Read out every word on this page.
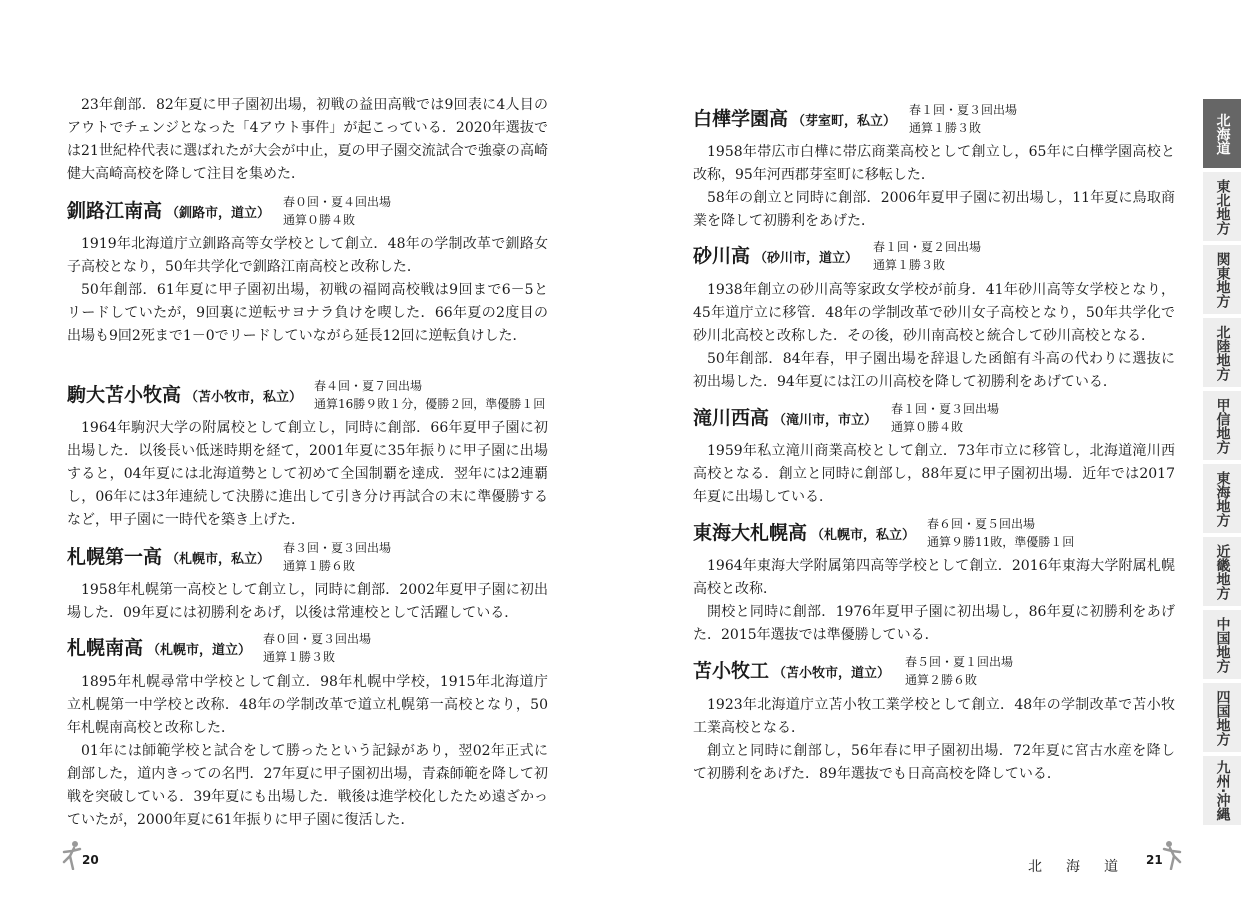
23年創部．82年夏に甲子園初出場，初戦の益田高戦では9回表に4人目のアウトでチェンジとなった「4アウト事件」が起こっている．2020年選抜では21世紀枠代表に選ばれたが大会が中止，夏の甲子園交流試合で強豪の高崎健大高崎高校を降して注目を集めた．

釧路江南高 （釧路市，道立）
春０回・夏４回出場
通算０勝４敗

1919年北海道庁立釧路高等女学校として創立．48年の学制改革で釧路女子高校となり，50年共学化で釧路江南高校と改称した．

50年創部．61年夏に甲子園初出場，初戦の福岡高校戦は9回まで6－5とリードしていたが，9回裏に逆転サヨナラ負けを喫した．66年夏の2度目の出場も9回2死まで1－0でリードしていながら延長12回に逆転負けした．

駒大苫小牧高 （苫小牧市，私立）
春４回・夏７回出場
通算16勝９敗１分，優勝２回，準優勝１回

1964年駒沢大学の附属校として創立し，同時に創部．66年夏甲子園に初出場した．以後長い低迷時期を経て，2001年夏に35年振りに甲子園に出場すると，04年夏には北海道勢として初めて全国制覇を達成．翌年には2連覇し，06年には3年連続して決勝に進出して引き分け再試合の末に準優勝するなど，甲子園に一時代を築き上げた．

札幌第一高 （札幌市，私立）
春３回・夏３回出場
通算１勝６敗

1958年札幌第一高校として創立し，同時に創部．2002年夏甲子園に初出場した．09年夏には初勝利をあげ，以後は常連校として活躍している．

札幌南高 （札幌市，道立）
春０回・夏３回出場
通算１勝３敗

1895年札幌尋常中学校として創立．98年札幌中学校，1915年北海道庁立札幌第一中学校と改称．48年の学制改革で道立札幌第一高校となり，50年札幌南高校と改称した．

01年には師範学校と試合をして勝ったという記録があり，翌02年正式に創部した，道内きっての名門．27年夏に甲子園初出場，青森師範を降して初戦を突破している．39年夏にも出場した．戦後は進学校化したため遠ざかっていたが，2000年夏に61年振りに甲子園に復活した．

白樺学園高 （芽室町，私立）
春１回・夏３回出場
通算１勝３敗

1958年帯広市白樺に帯広商業高校として創立し，65年に白樺学園高校と改称，95年河西郡芽室町に移転した．

58年の創立と同時に創部．2006年夏甲子園に初出場し，11年夏に鳥取商業を降して初勝利をあげた．

砂川高 （砂川市，道立）
春１回・夏２回出場
通算１勝３敗

1938年創立の砂川高等家政女学校が前身．41年砂川高等女学校となり，45年道庁立に移管．48年の学制改革で砂川女子高校となり，50年共学化で砂川北高校と改称した．その後，砂川南高校と統合して砂川高校となる．

50年創部．84年春，甲子園出場を辞退した函館有斗高の代わりに選抜に初出場した．94年夏には江の川高校を降して初勝利をあげている．

滝川西高 （滝川市，市立）
春１回・夏３回出場
通算０勝４敗

1959年私立滝川商業高校として創立．73年市立に移管し，北海道滝川西高校となる．創立と同時に創部し，88年夏に甲子園初出場．近年では2017年夏に出場している．

東海大札幌高 （札幌市，私立）
春６回・夏５回出場
通算９勝11敗，準優勝１回

1964年東海大学附属第四高等学校として創立．2016年東海大学附属札幌高校と改称．

開校と同時に創部．1976年夏甲子園に初出場し，86年夏に初勝利をあげた．2015年選抜では準優勝している．

苫小牧工 （苫小牧市，道立）
春５回・夏１回出場
通算２勝６敗

1923年北海道庁立苫小牧工業学校として創立．48年の学制改革で苫小牧工業高校となる．

創立と同時に創部し，56年春に甲子園初出場．72年夏に宮古水産を降して初勝利をあげた．89年選抜でも日高高校を降している．

20	北海道 21
北海道
東北地方
関東地方
北陸地方
甲信地方
東海地方
近畿地方
中国地方
四国地方
九州·沖縄
